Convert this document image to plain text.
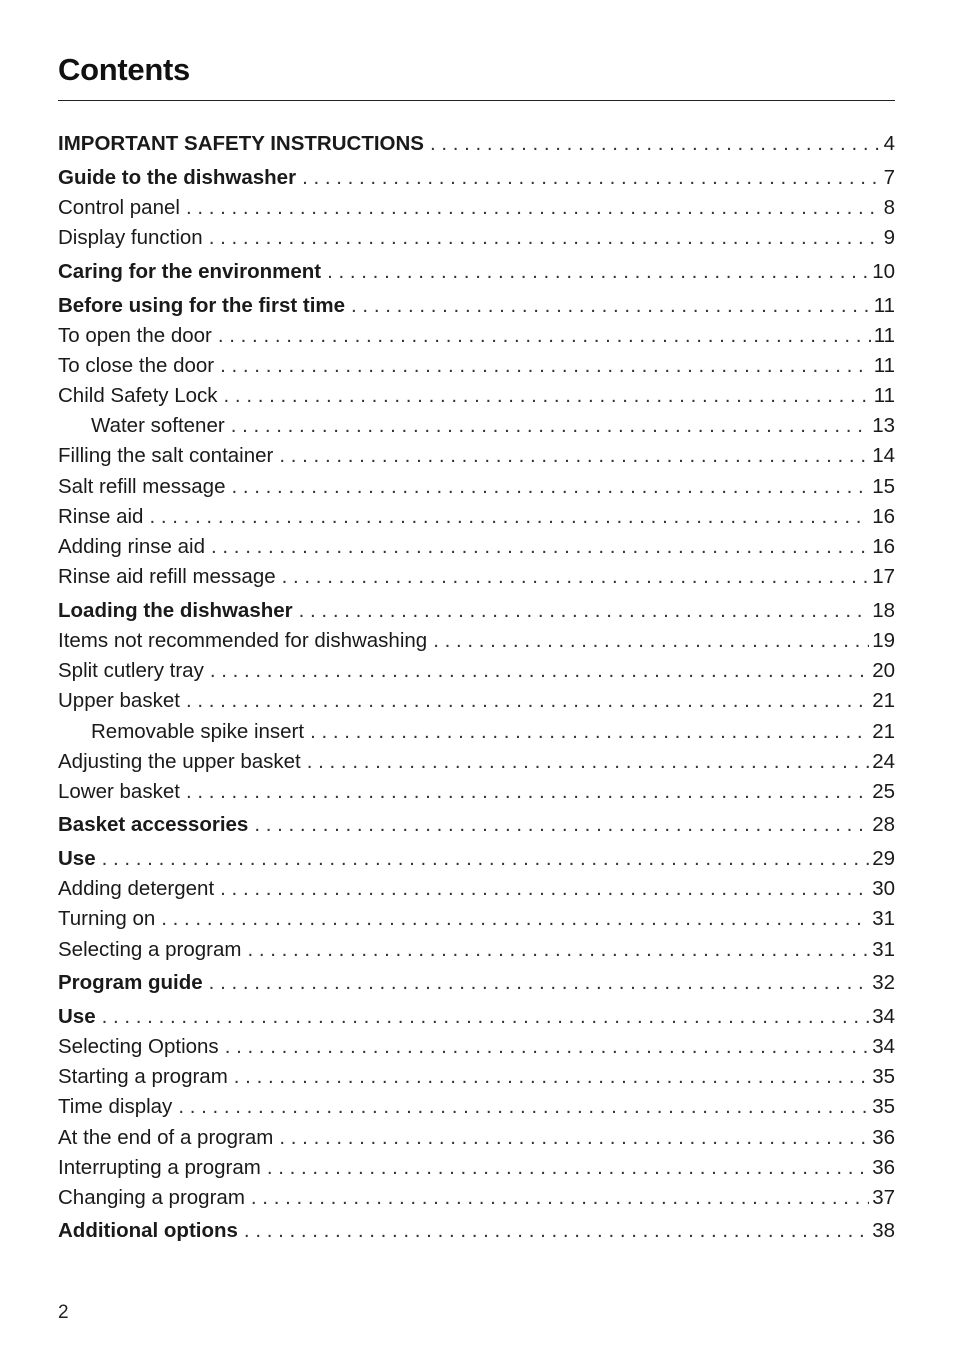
Contents
IMPORTANT SAFETY INSTRUCTIONS . . .	4
Guide to the dishwasher . . .	7
Control panel . . .	8
Display function . . .	9
Caring for the environment . . .	10
Before using for the first time . . .	11
To open the door . . .	11
To close the door . . .	11
Child Safety Lock . . .	11
Water softener . . .	13
Filling the salt container . . .	14
Salt refill message . . .	15
Rinse aid . . .	16
Adding rinse aid . . .	16
Rinse aid refill message . . .	17
Loading the dishwasher . . .	18
Items not recommended for dishwashing . . .	19
Split cutlery tray . . .	20
Upper basket . . .	21
Removable spike insert . . .	21
Adjusting the upper basket . . .	24
Lower basket . . .	25
Basket accessories . . .	28
Use . . .	29
Adding detergent . . .	30
Turning on . . .	31
Selecting a program . . .	31
Program guide . . .	32
Use . . .	34
Selecting Options . . .	34
Starting a program . . .	35
Time display . . .	35
At the end of a program . . .	36
Interrupting a program . . .	36
Changing a program . . .	37
Additional options . . .	38
2
